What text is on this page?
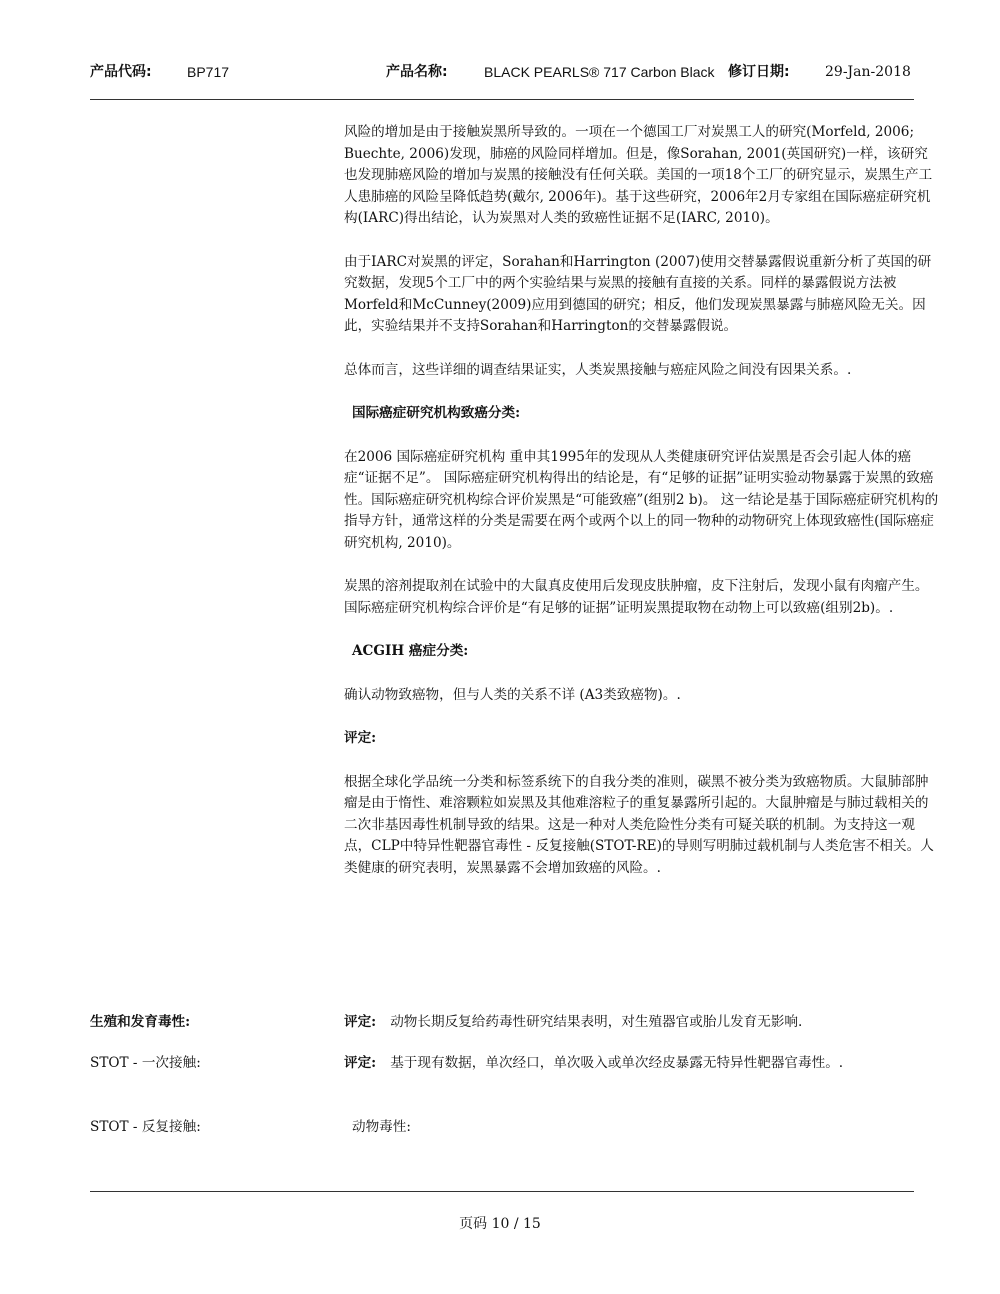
产品代码:	BP717	产品名称:	BLACK PEARLS® 717 Carbon Black 修订日期:	29-Jan-2018

风险的增加是由于接触炭黑所导致的。一项在一个德国工厂对炭黑工人的研究(Morfeld, 2006; Buechte, 2006)发现，肺癌的风险同样增加。但是，像Sorahan, 2001(英国研究)一样，该研究也发现肺癌风险的增加与炭黑的接触没有任何关联。美国的一项18个工厂的研究显示，炭黑生产工人患肺癌的风险呈降低趋势(戴尔, 2006年)。基于这些研究，2006年2月专家组在国际癌症研究机构(IARC)得出结论，认为炭黑对人类的致癌性证据不足(IARC, 2010)。

由于IARC对炭黑的评定，Sorahan和Harrington (2007)使用交替暴露假说重新分析了英国的研究数据，发现5个工厂中的两个实验结果与炭黑的接触有直接的关系。同样的暴露假说方法被Morfeld和McCunney(2009)应用到德国的研究；相反，他们发现炭黑暴露与肺癌风险无关。因此，实验结果并不支持Sorahan和Harrington的交替暴露假说。

总体而言，这些详细的调查结果证实，人类炭黑接触与癌症风险之间没有因果关系。.

国际癌症研究机构致癌分类:

在2006 国际癌症研究机构 重申其1995年的发现从人类健康研究评估炭黑是否会引起人体的癌症“证据不足”。 国际癌症研究机构得出的结论是，有“足够的证据”证明实验动物暴露于炭黑的致癌性。国际癌症研究机构综合评价炭黑是“可能致癌”(组别2 b)。 这一结论是基于国际癌症研究机构的指导方针，通常这样的分类是需要在两个或两个以上的同一物种的动物研究上体现致癌性(国际癌症研究机构, 2010)。

炭黑的溶剂提取剂在试验中的大鼠真皮使用后发现皮肤肿瘤，皮下注射后，发现小鼠有肉瘤产生。 国际癌症研究机构综合评价是“有足够的证据”证明炭黑提取物在动物上可以致癌(组别2b)。.

ACGIH 癌症分类:

确认动物致癌物，但与人类的关系不详 (A3类致癌物)。.

评定:

根据全球化学品统一分类和标签系统下的自我分类的准则，碳黑不被分类为致癌物质。大鼠肺部肿瘤是由于惰性、难溶颗粒如炭黑及其他难溶粒子的重复暴露所引起的。大鼠肿瘤是与肺过载相关的二次非基因毒性机制导致的结果。这是一种对人类危险性分类有可疑关联的机制。为支持这一观点，CLP中特异性靶器官毒性 - 反复接触(STOT-RE)的导则写明肺过载机制与人类危害不相关。人类健康的研究表明，炭黑暴露不会增加致癌的风险。.

生殖和发育毒性:	评定: 动物长期反复给药毒性研究结果表明，对生殖器官或胎儿发育无影响.
STOT - 一次接触:	评定: 基于现有数据，单次经口，单次吸入或单次经皮暴露无特异性靶器官毒性。.
STOT - 反复接触:	动物毒性:
页码 10 / 15
